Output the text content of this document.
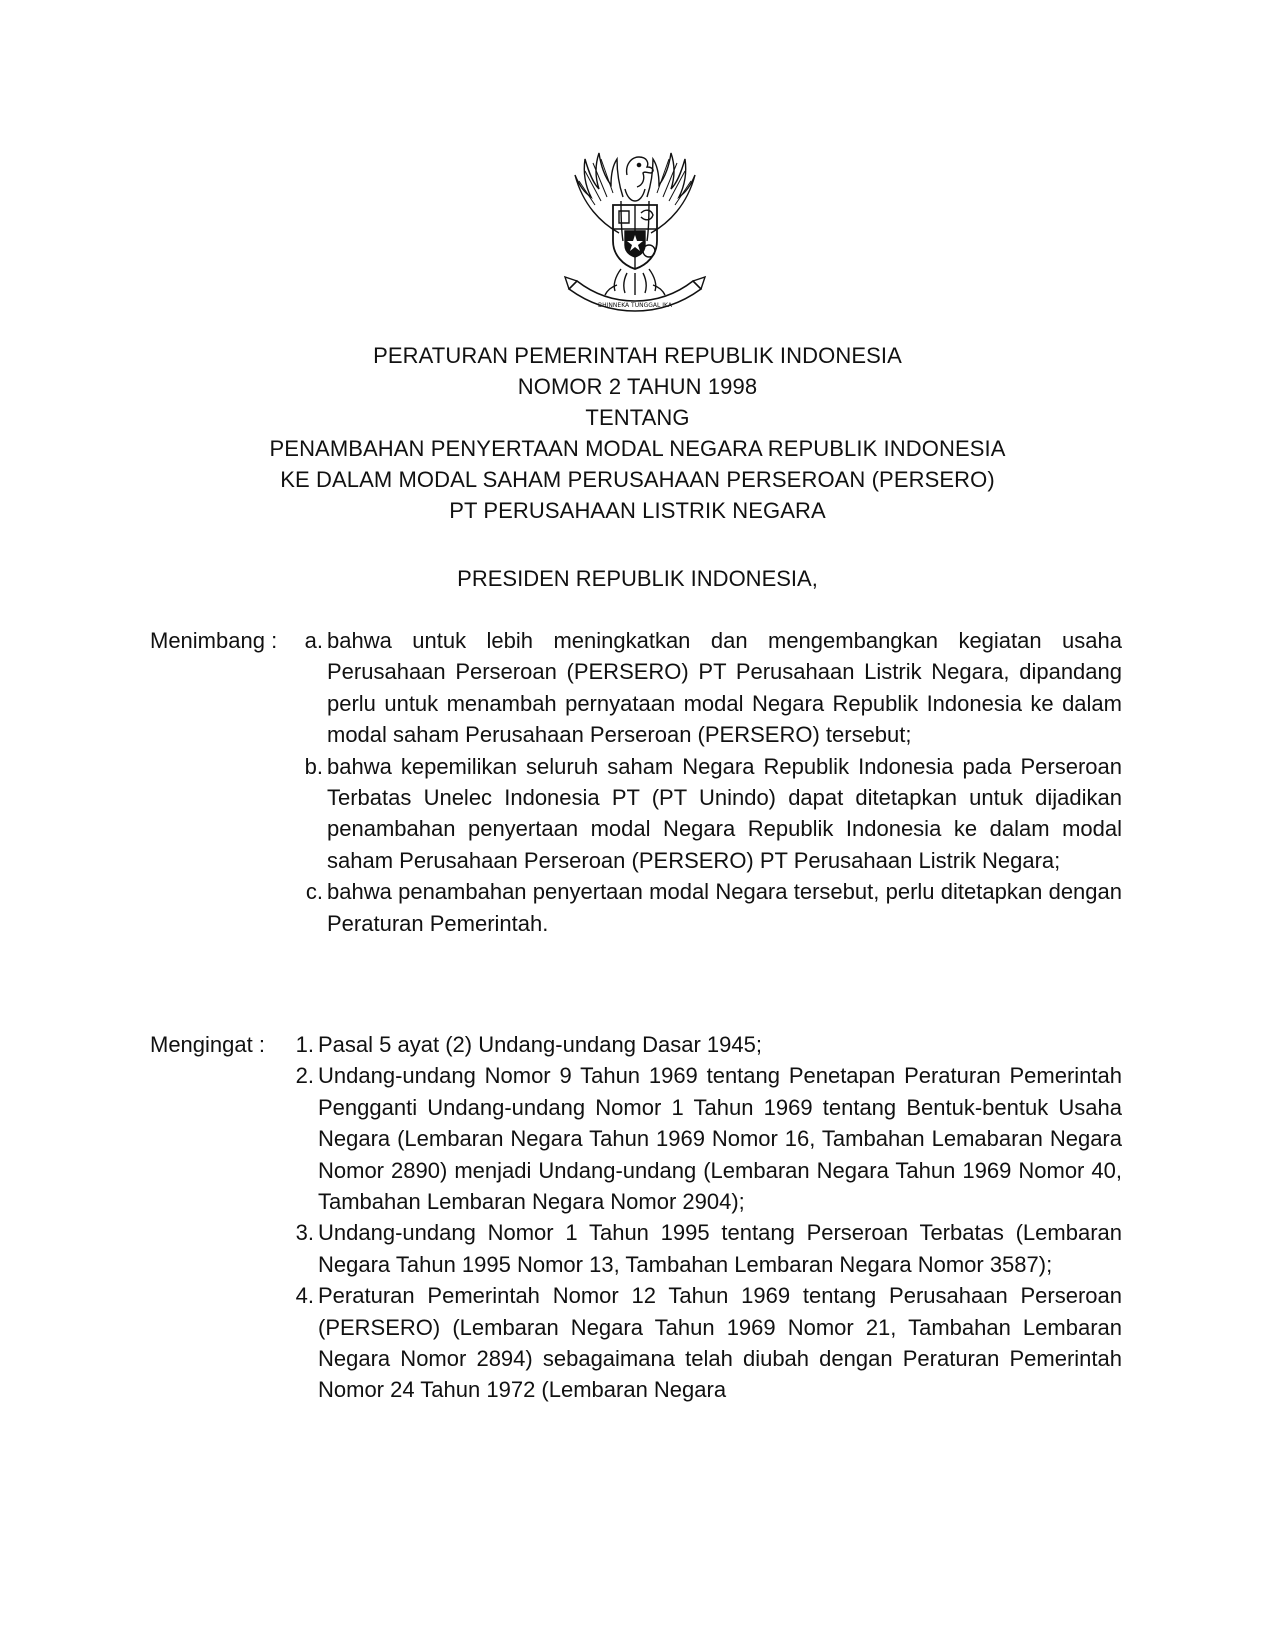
BHINNEKA TUNGGAL IKA
PERATURAN PEMERINTAH REPUBLIK INDONESIA
NOMOR 2 TAHUN 1998
TENTANG
PENAMBAHAN PENYERTAAN MODAL NEGARA REPUBLIK INDONESIA
KE DALAM MODAL SAHAM PERUSAHAAN PERSEROAN (PERSERO)
PT PERUSAHAAN LISTRIK NEGARA
PRESIDEN REPUBLIK INDONESIA,
Menimbang :	a. bahwa untuk lebih meningkatkan dan mengembangkan kegiatan usaha Perusahaan Perseroan (PERSERO) PT Perusahaan Listrik Negara, dipandang perlu untuk menambah pernyataan modal Negara Republik Indonesia ke dalam modal saham Perusahaan Perseroan (PERSERO) tersebut;
b. bahwa kepemilikan seluruh saham Negara Republik Indonesia pada Perseroan Terbatas Unelec Indonesia PT (PT Unindo) dapat ditetapkan untuk dijadikan penambahan penyertaan modal Negara Republik Indonesia ke dalam modal saham Perusahaan Perseroan (PERSERO) PT Perusahaan Listrik Negara;
c. bahwa penambahan penyertaan modal Negara tersebut, perlu ditetapkan dengan Peraturan Pemerintah.
Mengingat :	1. Pasal 5 ayat (2) Undang-undang Dasar 1945;
2. Undang-undang Nomor 9 Tahun 1969 tentang Penetapan Peraturan Pemerintah Pengganti Undang-undang Nomor 1 Tahun 1969 tentang Bentuk-bentuk Usaha Negara (Lembaran Negara Tahun 1969 Nomor 16, Tambahan Lemabaran Negara Nomor 2890) menjadi Undang-undang (Lembaran Negara Tahun 1969 Nomor 40, Tambahan Lembaran Negara Nomor 2904);
3. Undang-undang Nomor 1 Tahun 1995 tentang Perseroan Terbatas (Lembaran Negara Tahun 1995 Nomor 13, Tambahan Lembaran Negara Nomor 3587);
4. Peraturan Pemerintah Nomor 12 Tahun 1969 tentang Perusahaan Perseroan (PERSERO) (Lembaran Negara Tahun 1969 Nomor 21, Tambahan Lembaran Negara Nomor 2894) sebagaimana telah diubah dengan Peraturan Pemerintah Nomor 24 Tahun 1972 (Lembaran Negara
